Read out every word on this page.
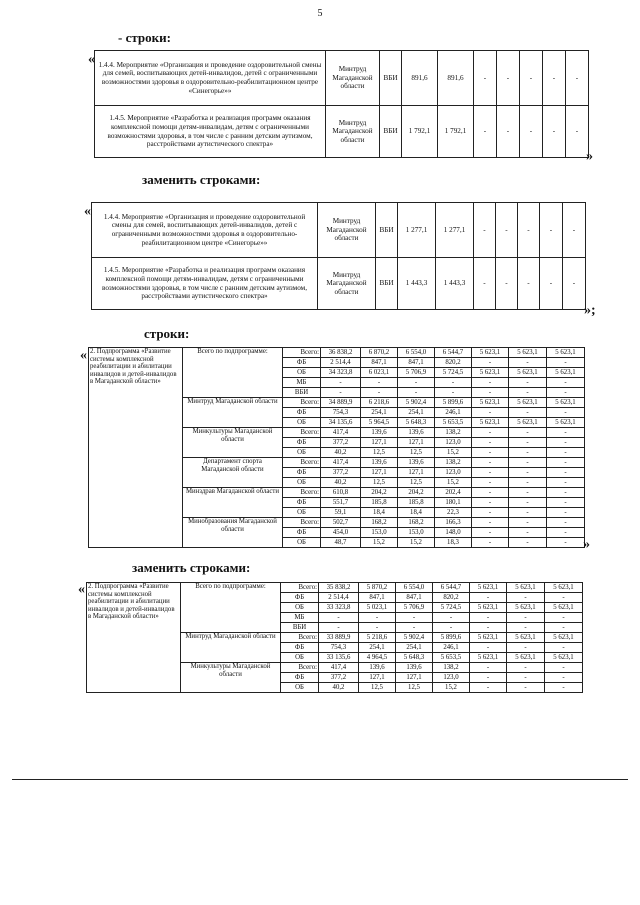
5
- строки:
« 1.4.4. Мероприятие «Организация и проведение оздоровительной смены для семей, воспитывающих детей-инвалидов, детей с ограниченными возможностями здоровья в оздоровительно-реабилитационном центре «Синегорье»»	Минтруд Магаданской области	ВБИ	891,6	891,6	-	-	-	-	-
1.4.5. Мероприятие «Разработка и реализация программ оказания комплексной помощи детям-инвалидам, детям с ограниченными возможностями здоровья, в том числе с ранним детским аутизмом, расстройствами аутистического спектра»	Минтруд Магаданской области	ВБИ	1 792,1	1 792,1	-	-	-	-	-
»
заменить строками:
« 1.4.4. Мероприятие «Организация и проведение оздоровительной смены для семей, воспитывающих детей-инвалидов, детей с ограниченными возможностями здоровья в оздоровительно-реабилитационном центре «Синегорье»»	Минтруд Магаданской области	ВБИ	1 277,1	1 277,1	-	-	-	-	-
1.4.5. Мероприятие «Разработка и реализация программ оказания комплексной помощи детям-инвалидам, детям с ограниченными возможностями здоровья, в том числе с ранним детским аутизмом, расстройствами аутистического спектра»	Минтруд Магаданской области	ВБИ	1 443,3	1 443,3	-	-	-	-	-
»;
строки:
« 2. Подпрограмма «Развитие системы комплексной реабилитации и абилитации инвалидов и детей-инвалидов в Магаданской области»	Всего по подпрограмме:	Всего:	36 838,2	6 870,2	6 554,0	6 544,7	5 623,1	5 623,1	5 623,1
		ФБ	2 514,4	847,1	847,1	820,2	-	-	-
		ОБ	34 323,8	6 023,1	5 706,9	5 724,5	5 623,1	5 623,1	5 623,1
		МБ	-	-	-	-	-	-	-
		ВБИ	-	-	-	-	-	-	-
	Минтруд Магаданской области	Всего:	34 889,9	6 218,6	5 902,4	5 899,6	5 623,1	5 623,1	5 623,1
		ФБ	754,3	254,1	254,1	246,1	-	-	-
		ОБ	34 135,6	5 964,5	5 648,3	5 653,5	5 623,1	5 623,1	5 623,1
	Минкультуры Магаданской области	Всего:	417,4	139,6	139,6	138,2	-	-	-
		ФБ	377,2	127,1	127,1	123,0	-	-	-
		ОБ	40,2	12,5	12,5	15,2	-	-	-
	Департамент спорта Магаданской области	Всего:	417,4	139,6	139,6	138,2	-	-	-
		ФБ	377,2	127,1	127,1	123,0	-	-	-
		ОБ	40,2	12,5	12,5	15,2	-	-	-
	Минздрав Магаданской области	Всего:	610,8	204,2	204,2	202,4	-	-	-
		ФБ	551,7	185,8	185,8	180,1	-	-	-
		ОБ	59,1	18,4	18,4	22,3	-	-	-
	Минобразования Магаданской области	Всего:	502,7	168,2	168,2	166,3	-	-	-
		ФБ	454,0	153,0	153,0	148,0	-	-	-
		ОБ	48,7	15,2	15,2	18,3	-	-	- »
заменить строками:
« 2. Подпрограмма «Развитие системы комплексной реабилитации и абилитации инвалидов и детей-инвалидов в Магаданской области»	Всего по подпрограмме:	Всего:	35 838,2	5 870,2	6 554,0	6 544,7	5 623,1	5 623,1	5 623,1
		ФБ	2 514,4	847,1	847,1	820,2	-	-	-
		ОБ	33 323,8	5 023,1	5 706,9	5 724,5	5 623,1	5 623,1	5 623,1
		МБ	-	-	-	-	-	-	-
		ВБИ	-	-	-	-	-	-	-
	Минтруд Магаданской области	Всего:	33 889,9	5 218,6	5 902,4	5 899,6	5 623,1	5 623,1	5 623,1
		ФБ	754,3	254,1	254,1	246,1	-	-	-
		ОБ	33 135,6	4 964,5	5 648,3	5 653,5	5 623,1	5 623,1	5 623,1
	Минкультуры Магаданской области	Всего:	417,4	139,6	139,6	138,2	-	-	-
		ФБ	377,2	127,1	127,1	123,0	-	-	-
		ОБ	40,2	12,5	12,5	15,2	-	-	-
